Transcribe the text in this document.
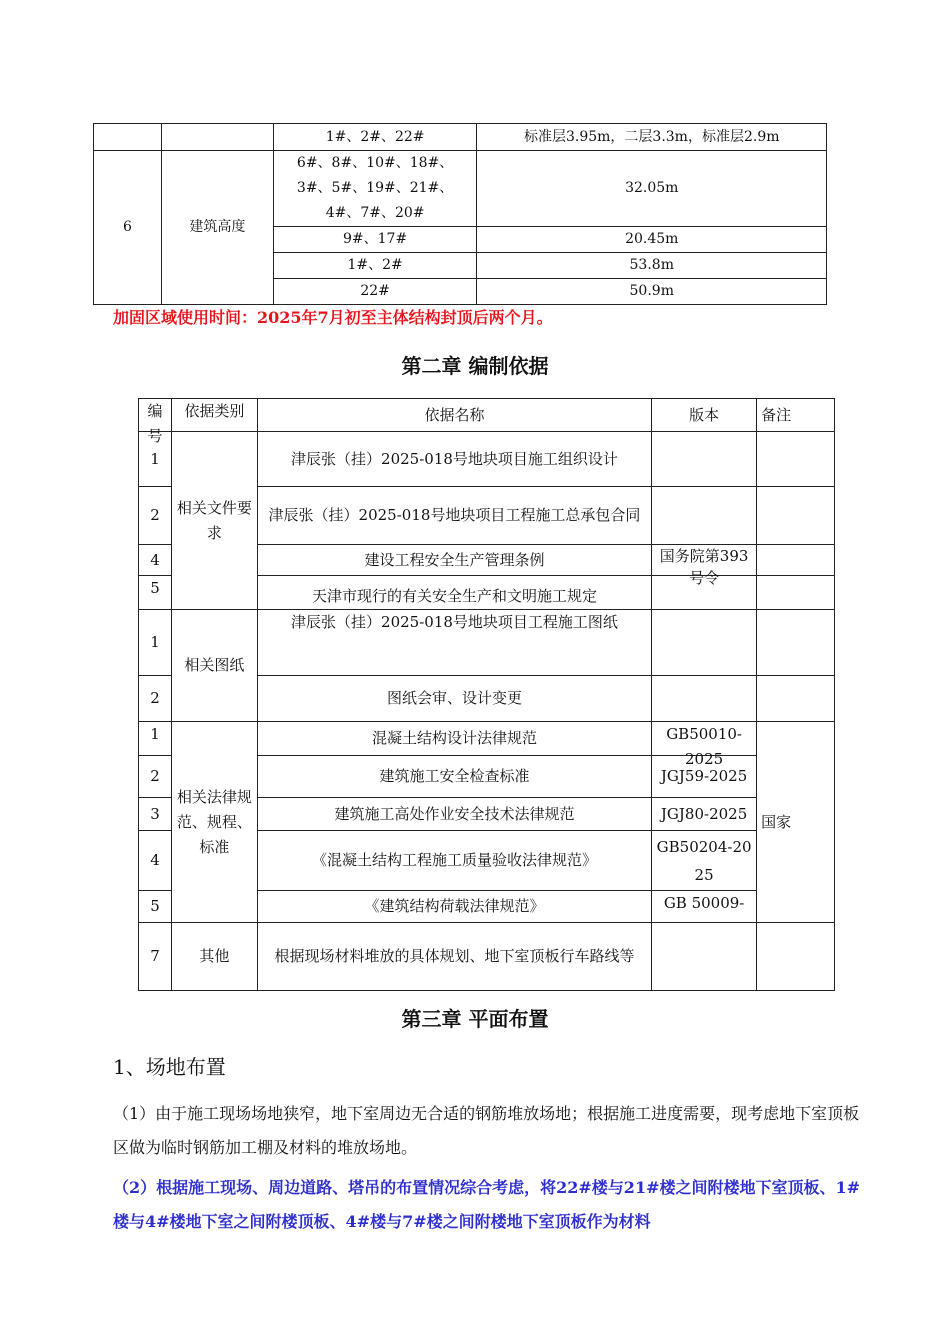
		1#、2#、22#	标准层3.95m，二层3.3m，标准层2.9m
6	建筑高度	6#、8#、10#、18#、3#、5#、19#、21#、4#、7#、20#	32.05m
		9#、17#	20.45m
		1#、2#	53.8m
		22#	50.9m
加固区域使用时间：2025年7月初至主体结构封顶后两个月。
第二章 编制依据
编号	依据类别	依据名称	版本	备注
1	相关文件要求	津辰张（挂）2025-018号地块项目施工组织设计		
2		津辰张（挂）2025-018号地块项目工程施工总承包合同		
4		建设工程安全生产管理条例	国务院第393号令	

5		天津市现行的有关安全生产和文明施工规定		
1	相关图纸	津辰张（挂）2025-018号地块项目工程施工图纸		
2		图纸会审、设计变更		
1	相关法律规范、规程、标准	混凝土结构设计法律规范	GB50010-2025	国家
2		建筑施工安全检查标准	JGJ59-2025	
3		建筑施工高处作业安全技术法律规范	JGJ80-2025	
4		《混凝土结构工程施工质量验收法律规范》	GB50204-2025	
5		《建筑结构荷载法律规范》	GB 50009-	
7	其他	根据现场材料堆放的具体规划、地下室顶板行车路线等		
第三章 平面布置
1、场地布置
（1）由于施工现场场地狭窄，地下室周边无合适的钢筋堆放场地；根据施工进度需要，现考虑地下室顶板区做为临时钢筋加工棚及材料的堆放场地。
（2）根据施工现场、周边道路、塔吊的布置情况综合考虑，将22#楼与21#楼之间附楼地下室顶板、1#楼与4#楼地下室之间附楼顶板、4#楼与7#楼之间附楼地下室顶板作为材料
